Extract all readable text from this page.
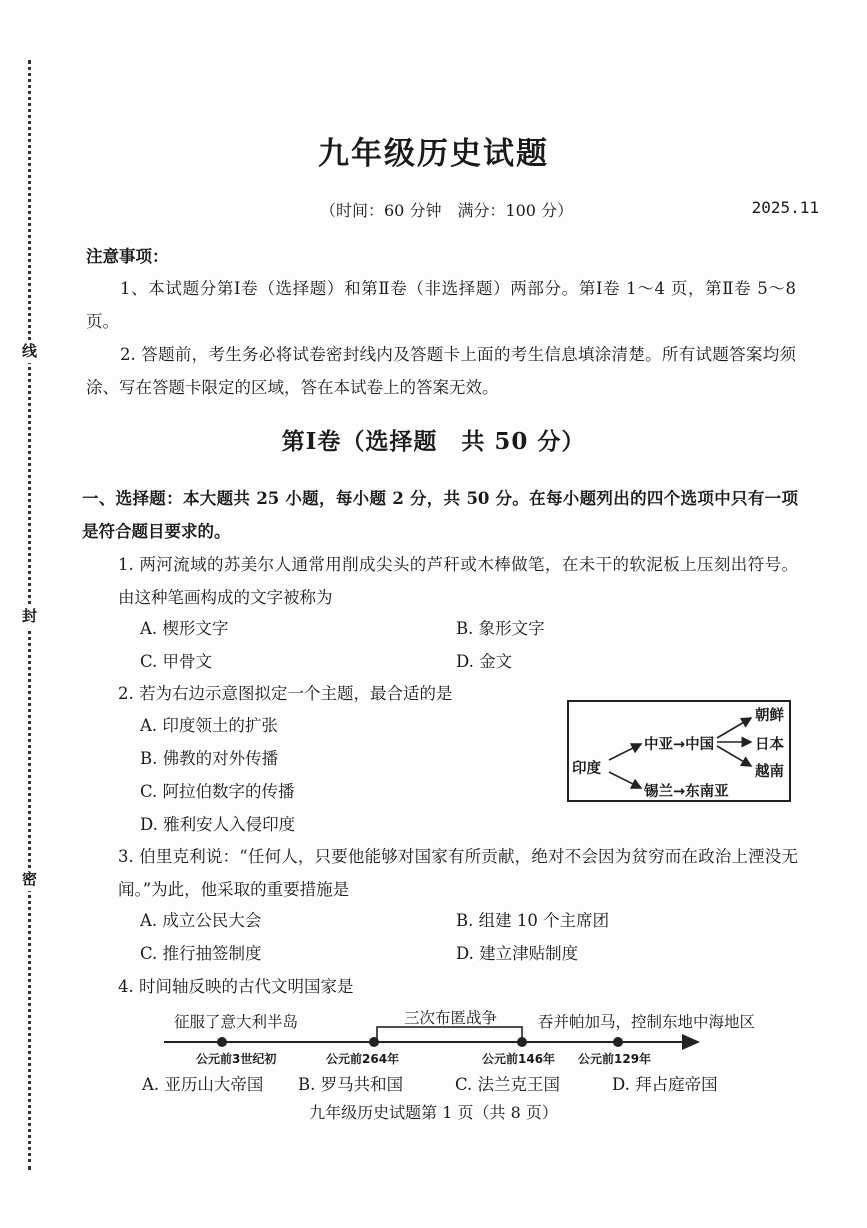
线
封
密
九年级历史试题
（时间：60 分钟　满分：100 分）	2025.11
注意事项：
1、本试题分第Ⅰ卷（选择题）和第Ⅱ卷（非选择题）两部分。第Ⅰ卷 1～4 页，第Ⅱ卷 5～8 页。
2. 答题前，考生务必将试卷密封线内及答题卡上面的考生信息填涂清楚。所有试题答案均须涂、写在答题卡限定的区域，答在本试卷上的答案无效。
第Ⅰ卷（选择题　共 50 分）
一、选择题：本大题共 25 小题，每小题 2 分，共 50 分。在每小题列出的四个选项中只有一项是符合题目要求的。
1. 两河流域的苏美尔人通常用削成尖头的芦秆或木棒做笔，在未干的软泥板上压刻出符号。由这种笔画构成的文字被称为
A. 楔形文字	B. 象形文字
C. 甲骨文	D. 金文
2. 若为右边示意图拟定一个主题，最合适的是
A. 印度领土的扩张
B. 佛教的对外传播
C. 阿拉伯数字的传播
D. 雅利安人入侵印度
印度
中亚→中国
锡兰→东南亚
朝鲜
日本
越南
3. 伯里克利说：“任何人，只要他能够对国家有所贡献，绝对不会因为贫穷而在政治上湮没无闻。”为此，他采取的重要措施是
A. 成立公民大会	B. 组建 10 个主席团
C. 推行抽签制度	D. 建立津贴制度
4. 时间轴反映的古代文明国家是
征服了意大利半岛	三次布匿战争	吞并帕加马，控制东地中海地区
公元前3世纪初	公元前264年	公元前146年 公元前129年
A. 亚历山大帝国 B. 罗马共和国	C. 法兰克王国	D. 拜占庭帝国
九年级历史试题第 1 页（共 8 页）
